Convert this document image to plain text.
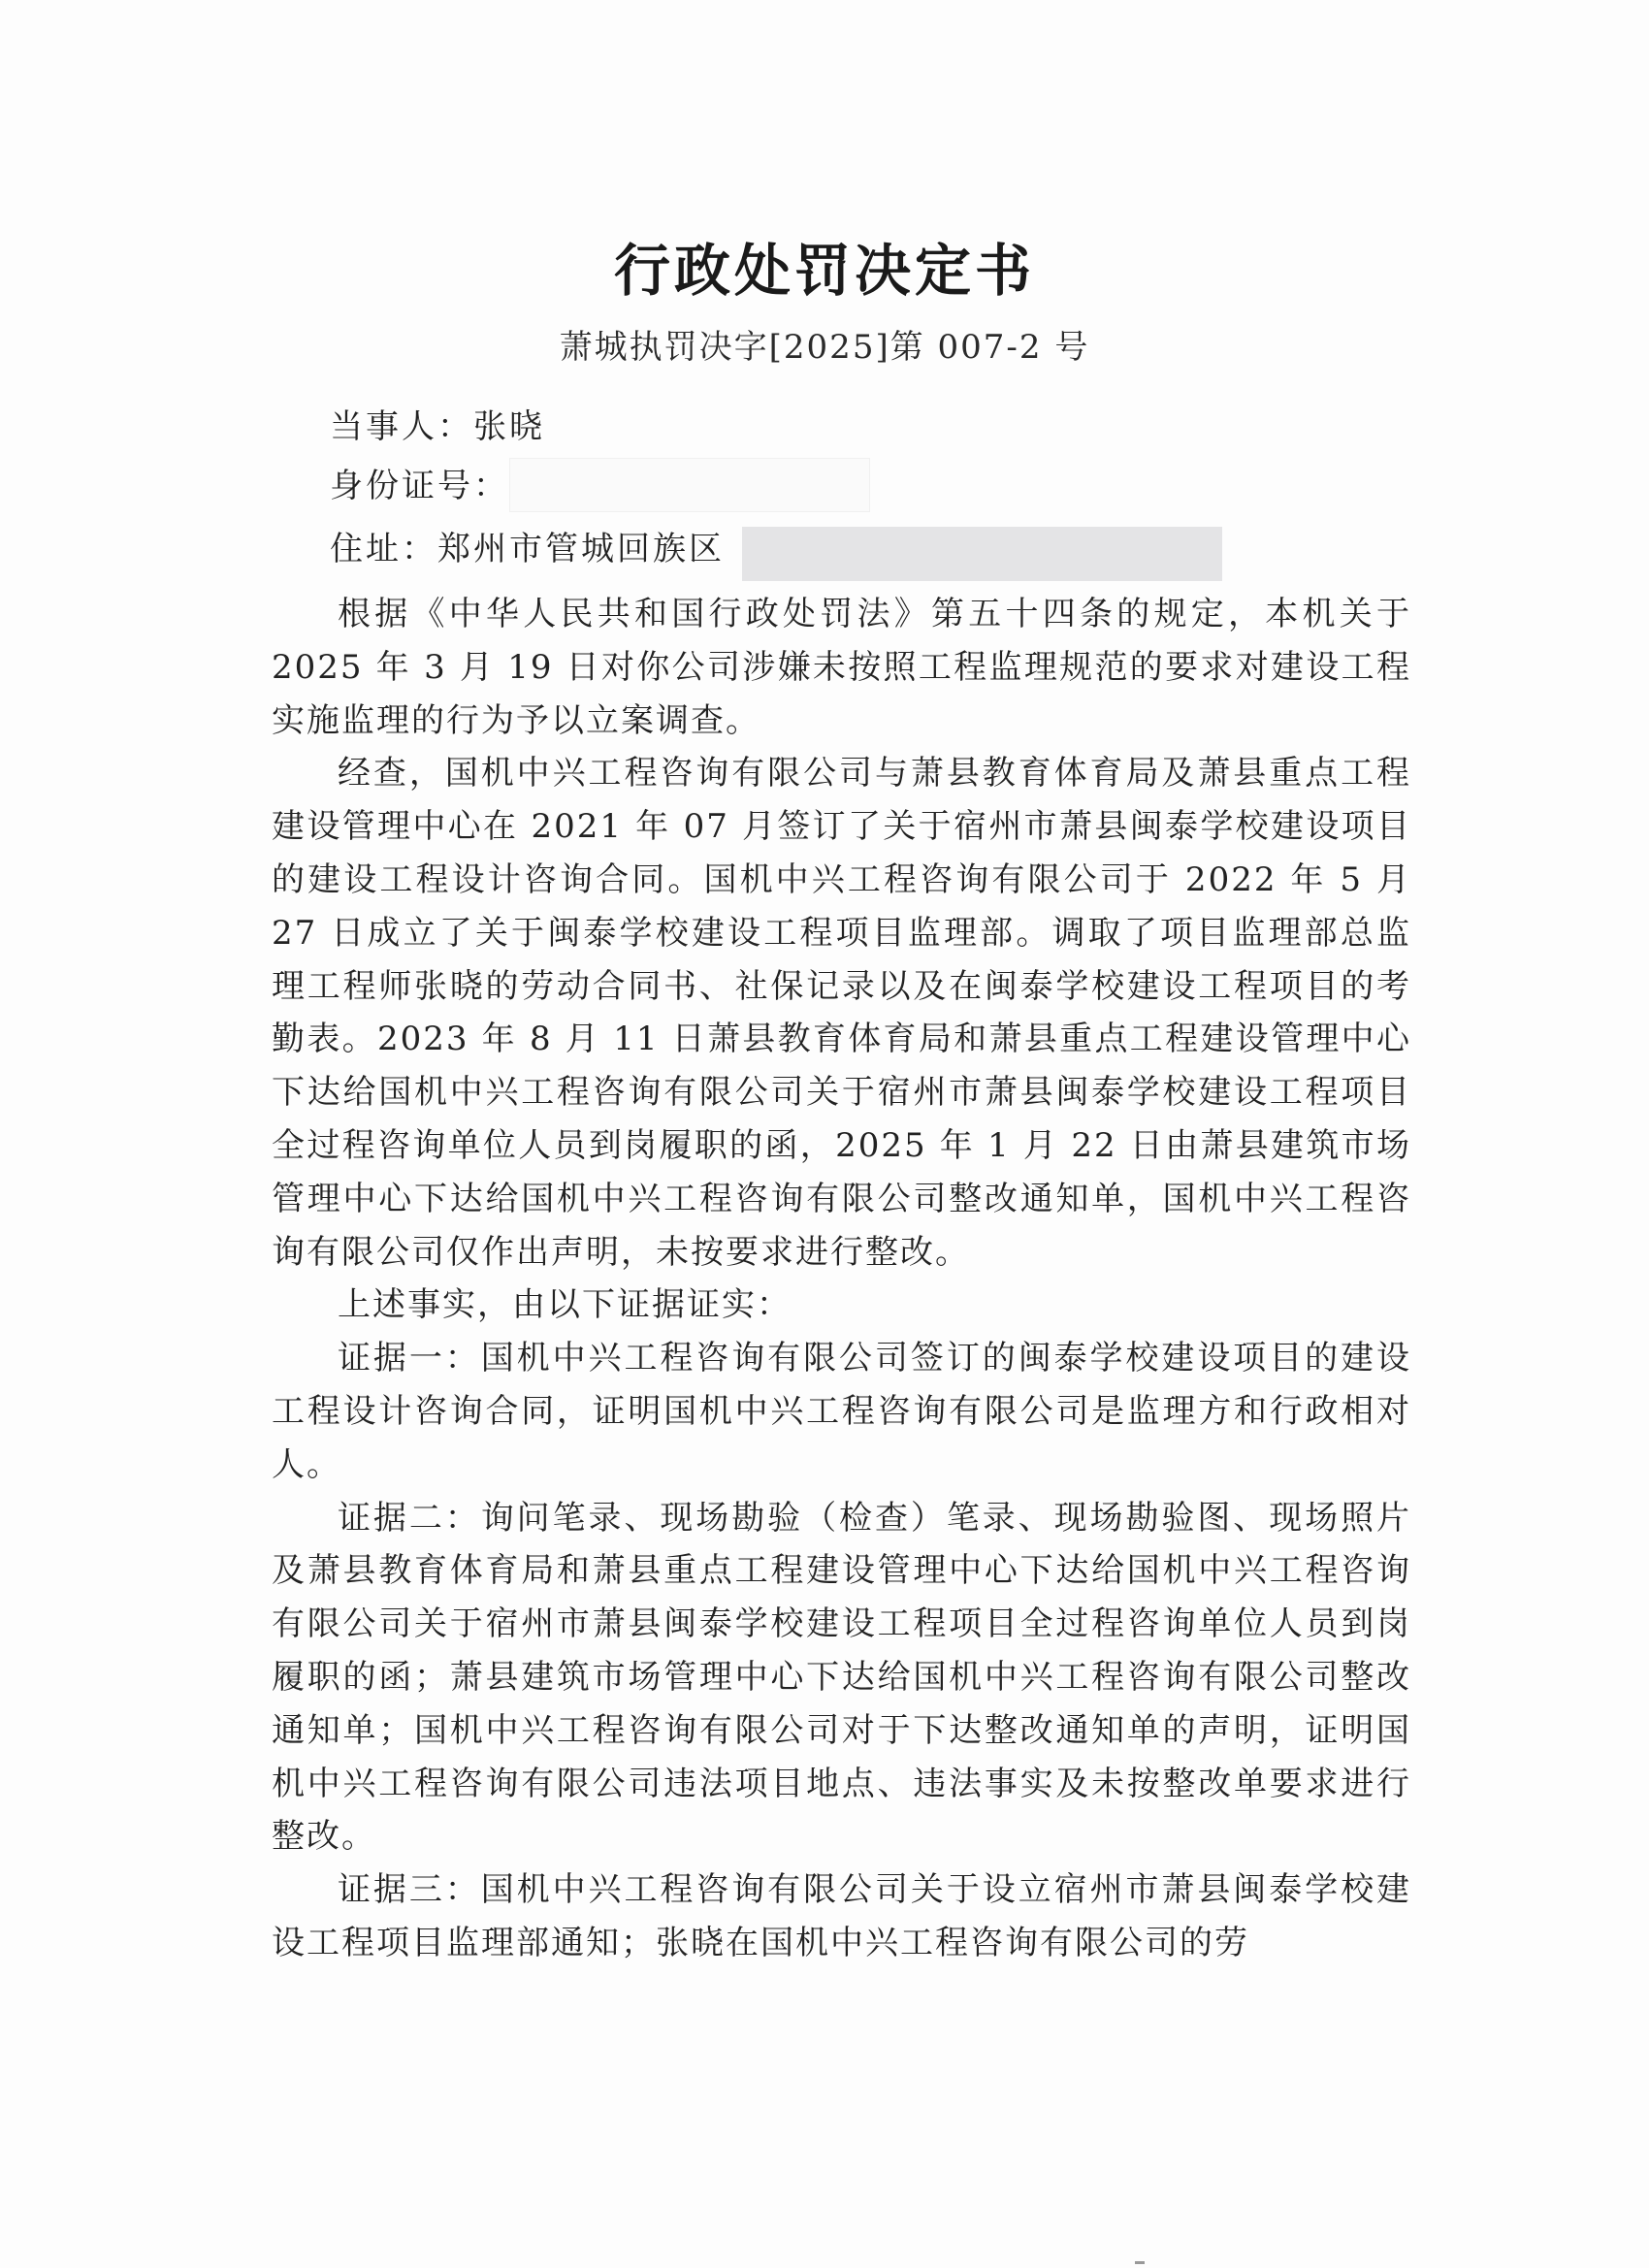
行政处罚决定书
萧城执罚决字[2025]第 007-2 号
当事人：张晓
身份证号：
住址：郑州市管城回族区

根据《中华人民共和国行政处罚法》第五十四条的规定，本机关于 2025 年 3 月 19 日对你公司涉嫌未按照工程监理规范的要求对建设工程实施监理的行为予以立案调查。

经查，国机中兴工程咨询有限公司与萧县教育体育局及萧县重点工程建设管理中心在 2021 年 07 月签订了关于宿州市萧县闽泰学校建设项目的建设工程设计咨询合同。国机中兴工程咨询有限公司于 2022 年 5 月 27 日成立了关于闽泰学校建设工程项目监理部。调取了项目监理部总监理工程师张晓的劳动合同书、社保记录以及在闽泰学校建设工程项目的考勤表。2023 年 8 月 11 日萧县教育体育局和萧县重点工程建设管理中心下达给国机中兴工程咨询有限公司关于宿州市萧县闽泰学校建设工程项目全过程咨询单位人员到岗履职的函，2025 年 1 月 22 日由萧县建筑市场管理中心下达给国机中兴工程咨询有限公司整改通知单，国机中兴工程咨询有限公司仅作出声明，未按要求进行整改。

上述事实，由以下证据证实：

证据一：国机中兴工程咨询有限公司签订的闽泰学校建设项目的建设工程设计咨询合同，证明国机中兴工程咨询有限公司是监理方和行政相对人。

证据二：询问笔录、现场勘验（检查）笔录、现场勘验图、现场照片及萧县教育体育局和萧县重点工程建设管理中心下达给国机中兴工程咨询有限公司关于宿州市萧县闽泰学校建设工程项目全过程咨询单位人员到岗履职的函；萧县建筑市场管理中心下达给国机中兴工程咨询有限公司整改通知单；国机中兴工程咨询有限公司对于下达整改通知单的声明，证明国机中兴工程咨询有限公司违法项目地点、违法事实及未按整改单要求进行整改。

证据三：国机中兴工程咨询有限公司关于设立宿州市萧县闽泰学校建设工程项目监理部通知；张晓在国机中兴工程咨询有限公司的劳
